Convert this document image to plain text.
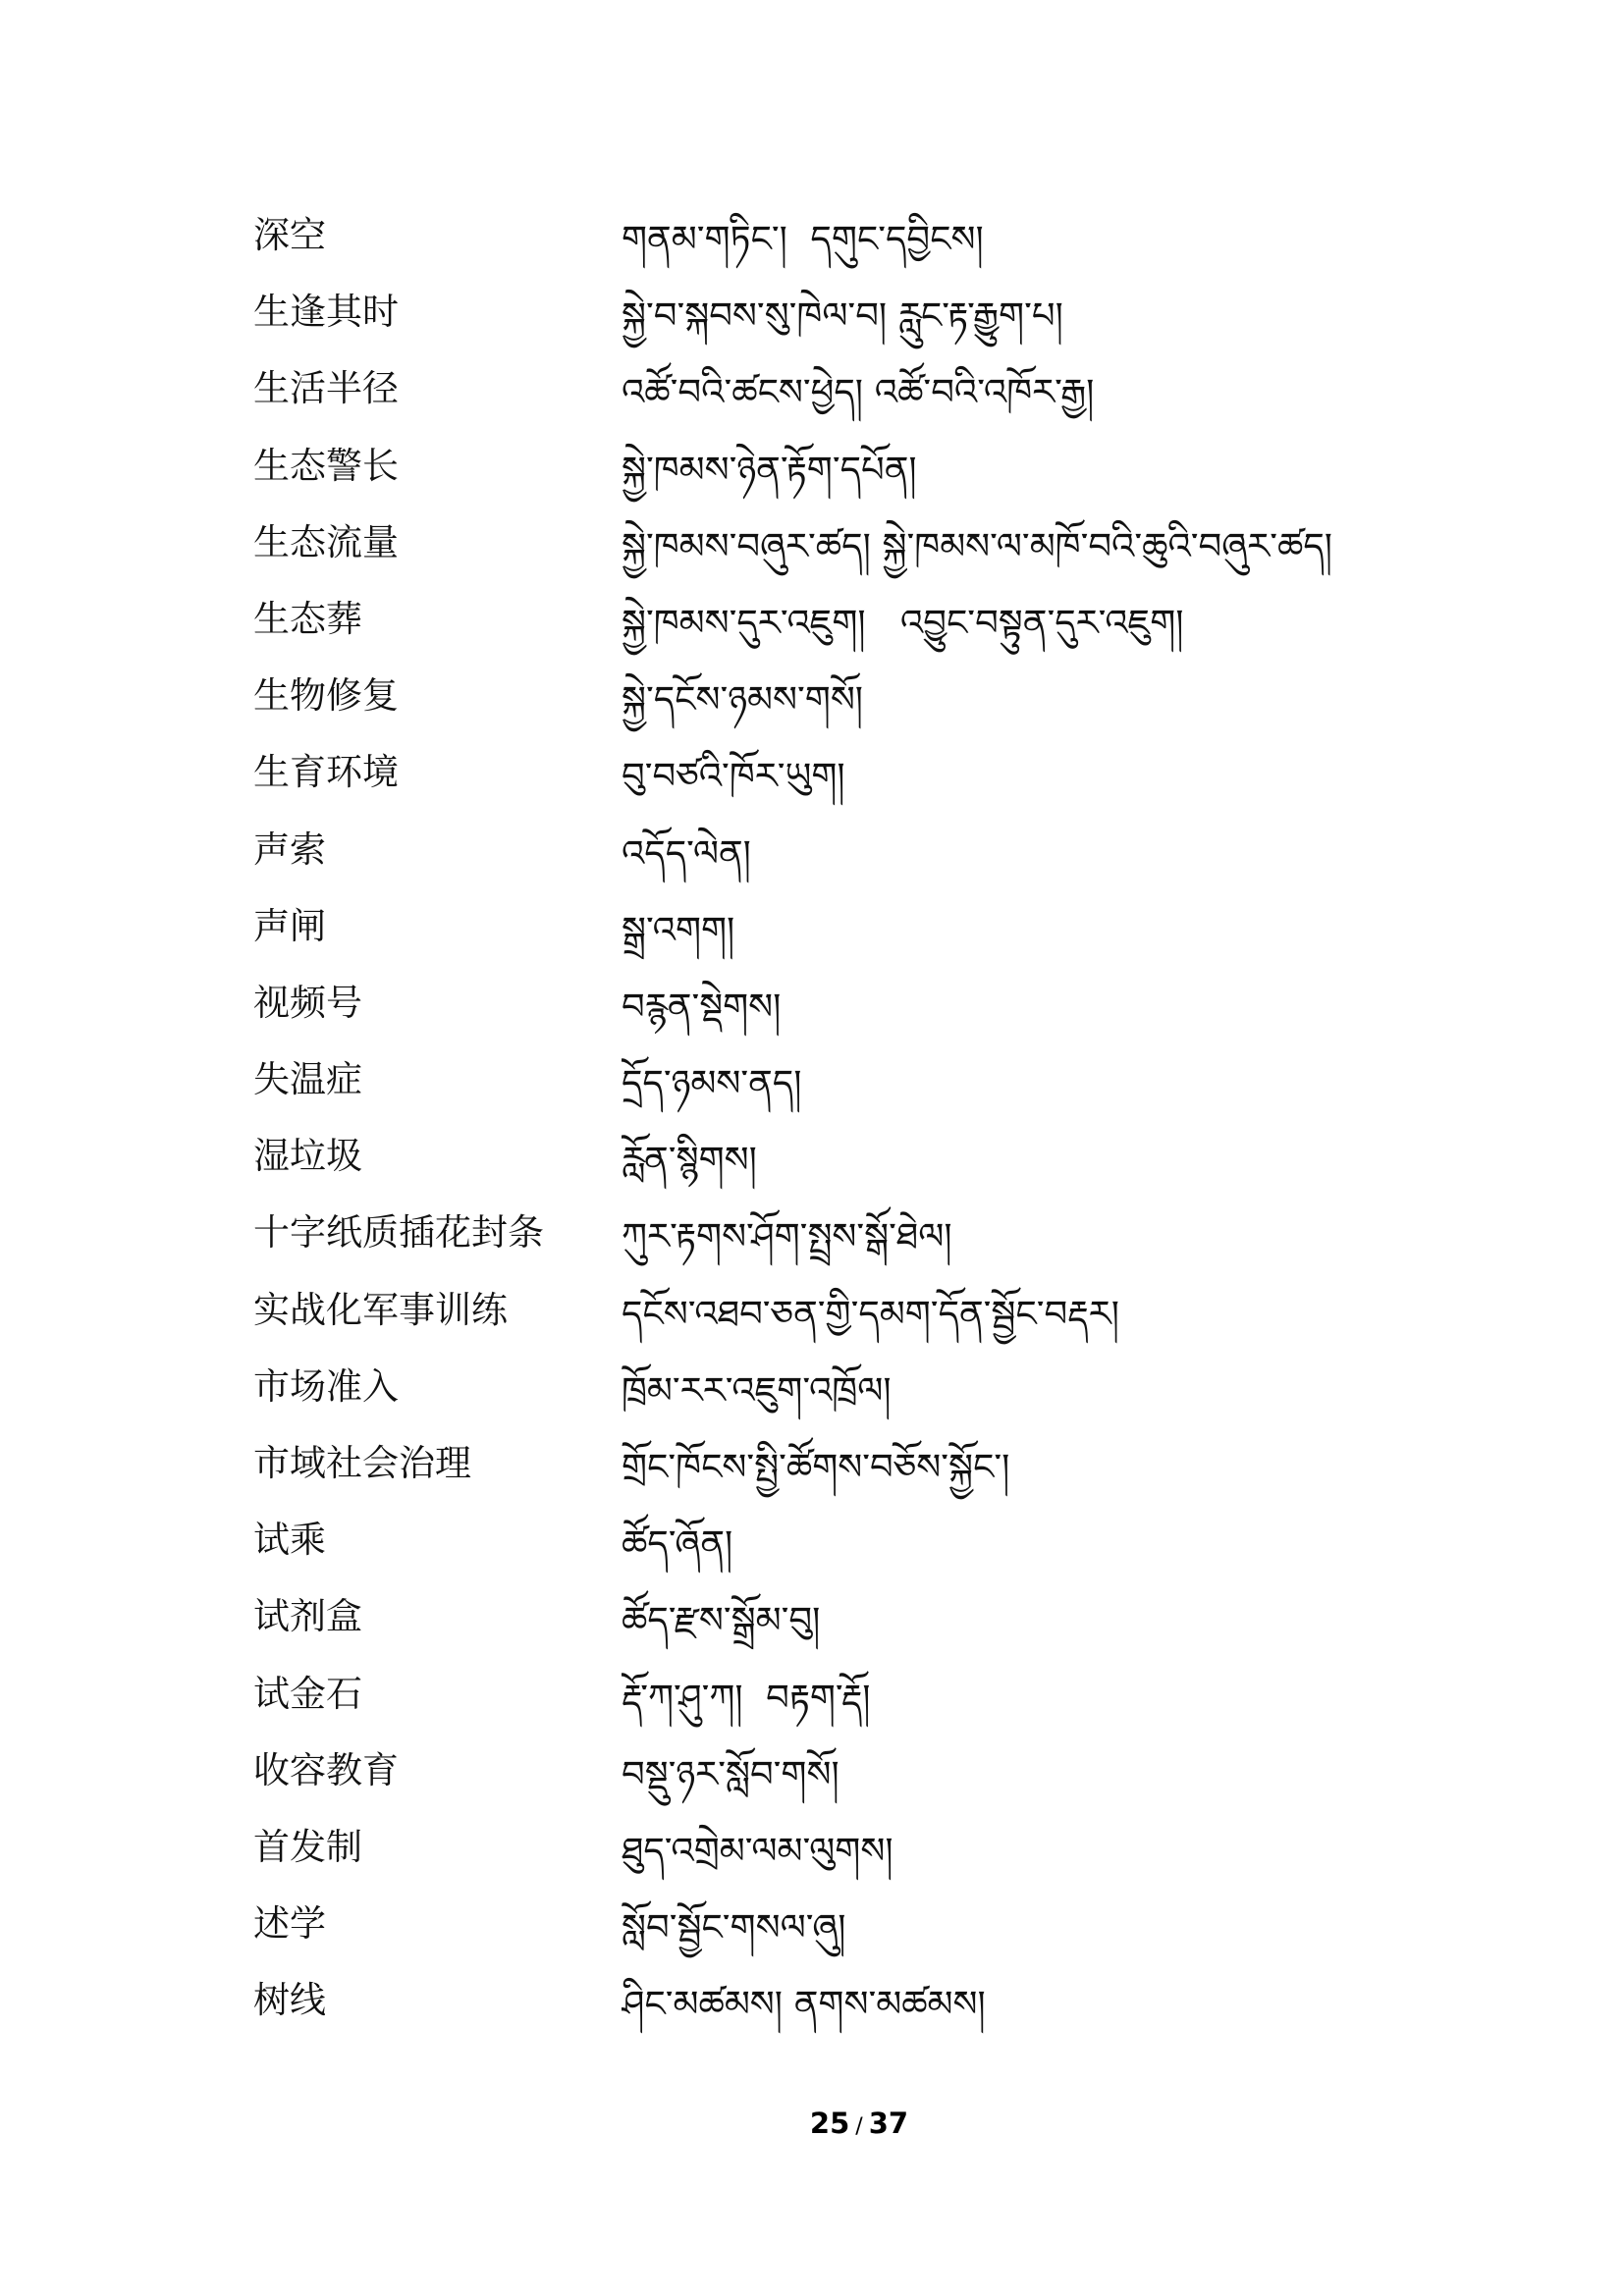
深空	གནམ་གཏིང་།  དགུང་དབྱིངས།
生逢其时	སྐྱེ་བ་སྐབས་སུ་ཁེལ་བ། རླུང་རྟ་རྒྱུག་པ།
生活半径	འཚོ་བའི་ཚངས་ཕྱེད། འཚོ་བའི་འཁོར་རྒྱ།
生态警长	སྐྱེ་ཁམས་ཉེན་རྟོག་དཔོན།
生态流量	སྐྱེ་ཁམས་བཞུར་ཚད། སྐྱེ་ཁམས་ལ་མཁོ་བའི་ཆུའི་བཞུར་ཚད།
生态葬	སྐྱེ་ཁམས་དུར་འཇུག།   འབྱུང་བསྟུན་དུར་འཇུག།
生物修复	སྐྱེ་དངོས་ཉམས་གསོ།
生育环境	བུ་བཙའི་ཁོར་ཡུག།
声索	འདོད་ལེན།
声闸	སྒྲ་འགག།
视频号	བརྙན་སྡེགས།
失温症	དྲོད་ཉམས་ནད།
湿垃圾	རློན་སྙིགས།
十字纸质插花封条 ཀུར་རྟགས་ཤོག་སྤྲས་སྒོ་ཐེལ།
实战化军事训练	དངོས་འཐབ་ཅན་གྱི་དམག་དོན་སྦྱོང་བརྡར།
市场准入	ཁྲོམ་རར་འཇུག་འཁྲོལ།
市域社会治理	གྲོང་ཁོངས་སྤྱི་ཚོགས་བཅོས་སྐྱོང་།
试乘	ཚོད་ཞོན།
试剂盒	ཚོད་རྫས་སྒྲོམ་བུ།
试金石	རྡོ་ཀ་ཤུ་ཀ།  བརྟག་རྡོ།
收容教育	བསྡུ་ཉར་སློབ་གསོ།
首发制	ཐུད་འགྲེམ་ལམ་ལུགས།
述学	སློབ་སྦྱོང་གསལ་ཞུ།
树线	ཤིང་མཚམས། ནགས་མཚམས།
25 / 37
